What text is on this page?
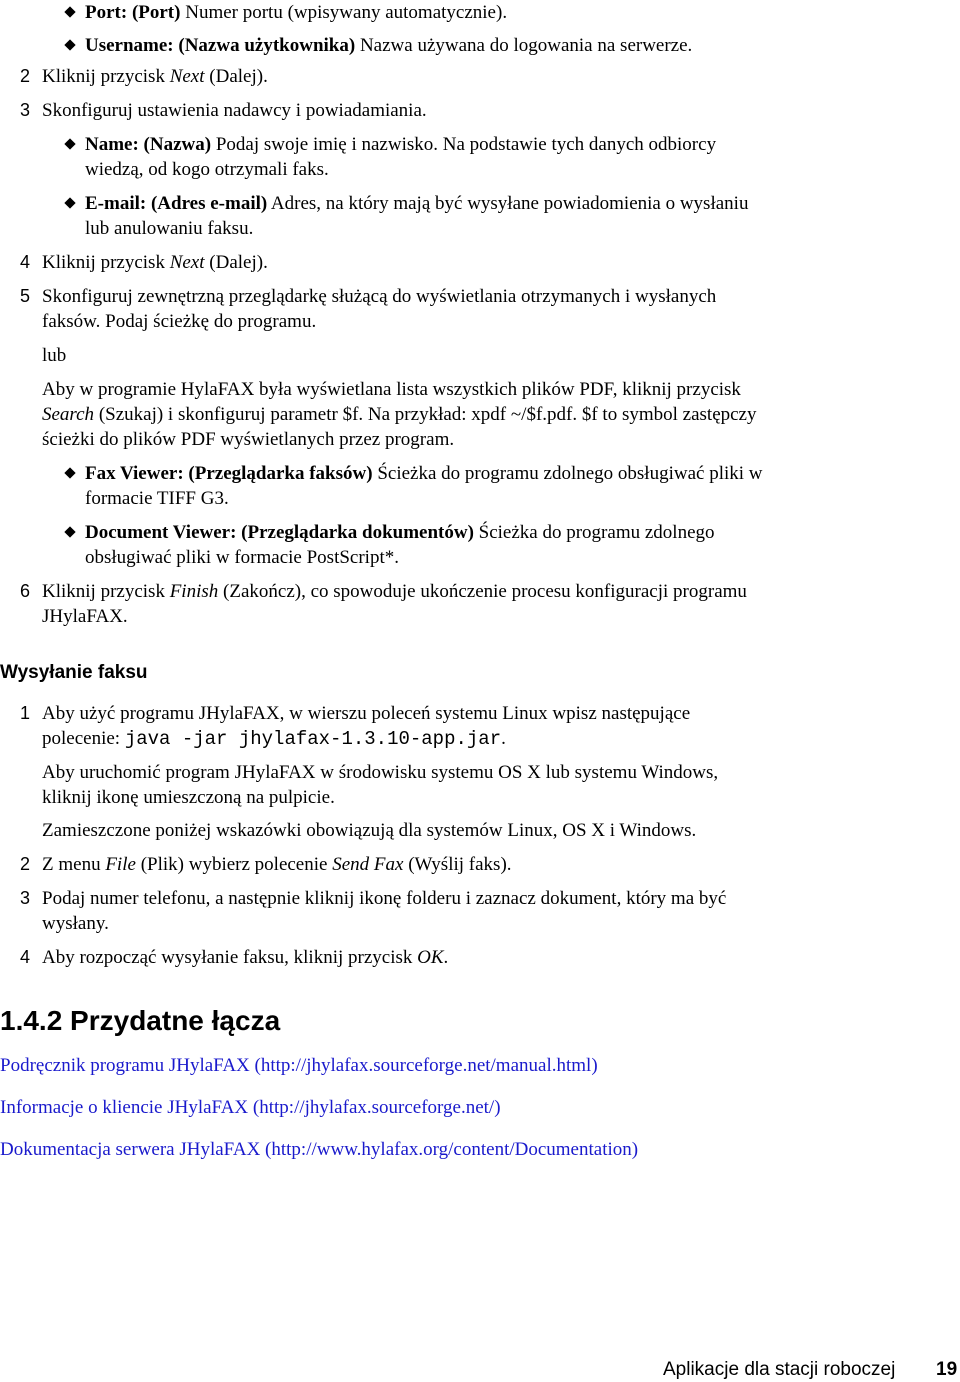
Port: (Port) Numer portu (wpisywany automatycznie).
Username: (Nazwa użytkownika) Nazwa używana do logowania na serwerze.
2 Kliknij przycisk Next (Dalej).
3 Skonfiguruj ustawienia nadawcy i powiadamiania.
Name: (Nazwa) Podaj swoje imię i nazwisko. Na podstawie tych danych odbiorcy
wiedzą, od kogo otrzymali faks.
E-mail: (Adres e-mail) Adres, na który mają być wysyłane powiadomienia o wysłaniu
lub anulowaniu faksu.
4 Kliknij przycisk Next (Dalej).
5 Skonfiguruj zewnętrzną przeglądarkę służącą do wyświetlania otrzymanych i wysłanych
faksów. Podaj ścieżkę do programu.
lub
Aby w programie HylaFAX była wyświetlana lista wszystkich plików PDF, kliknij przycisk
Search (Szukaj) i skonfiguruj parametr $f. Na przykład: xpdf ~/$f.pdf. $f to symbol zastępczy
ścieżki do plików PDF wyświetlanych przez program.
Fax Viewer: (Przeglądarka faksów) Ścieżka do programu zdolnego obsługiwać pliki w
formacie TIFF G3.
Document Viewer: (Przeglądarka dokumentów) Ścieżka do programu zdolnego
obsługiwać pliki w formacie PostScript*.
6 Kliknij przycisk Finish (Zakończ), co spowoduje ukończenie procesu konfiguracji programu
JHylaFAX.
Wysyłanie faksu
1 Aby użyć programu JHylaFAX, w wierszu poleceń systemu Linux wpisz następujące
polecenie: java -jar jhylafax-1.3.10-app.jar.
Aby uruchomić program JHylaFAX w środowisku systemu OS X lub systemu Windows,
kliknij ikonę umieszczoną na pulpicie.
Zamieszczone poniżej wskazówki obowiązują dla systemów Linux, OS X i Windows.
2 Z menu File (Plik) wybierz polecenie Send Fax (Wyślij faks).
3 Podaj numer telefonu, a następnie kliknij ikonę folderu i zaznacz dokument, który ma być
wysłany.
4 Aby rozpocząć wysyłanie faksu, kliknij przycisk OK.
1.4.2 Przydatne łącza
Podręcznik programu JHylaFAX (http://jhylafax.sourceforge.net/manual.html)
Informacje o kliencie JHylaFAX (http://jhylafax.sourceforge.net/)
Dokumentacja serwera JHylaFAX (http://www.hylafax.org/content/Documentation)
Aplikacje dla stacji roboczej 19
